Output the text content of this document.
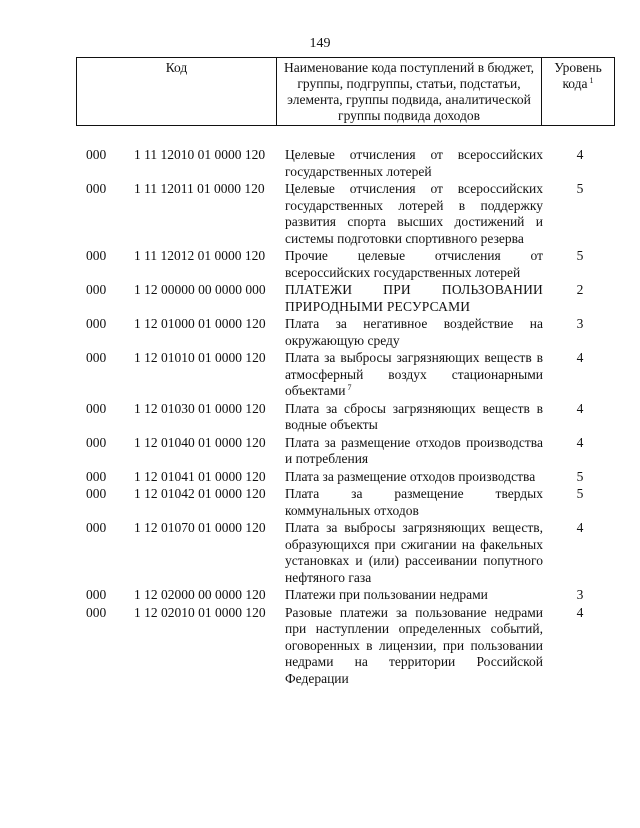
149
Код	Наименование кода поступлений в бюджет, группы, подгруппы, статьи, подстатьи, элемента, группы подвида, аналитической группы подвида доходов	Уровень кода $^1$
000	1 11 12010 01 0000 120	Целевые отчисления от всероссийских государственных лотерей	4
000	1 11 12011 01 0000 120	Целевые отчисления от всероссийских государственных лотерей в поддержку развития спорта высших достижений и системы подготовки спортивного резерва	5
000	1 11 12012 01 0000 120	Прочие целевые отчисления от всероссийских государственных лотерей	5
000	1 12 00000 00 0000 000	ПЛАТЕЖИ ПРИ ПОЛЬЗОВАНИИ ПРИРОДНЫМИ РЕСУРСАМИ	2
000	1 12 01000 01 0000 120	Плата за негативное воздействие на окружающую среду	3
000	1 12 01010 01 0000 120	Плата за выбросы загрязняющих веществ в атмосферный воздух стационарными объектами $^7$	4
000	1 12 01030 01 0000 120	Плата за сбросы загрязняющих веществ в водные объекты	4
000	1 12 01040 01 0000 120	Плата за размещение отходов производства и потребления	4
000	1 12 01041 01 0000 120	Плата за размещение отходов производства	5
000	1 12 01042 01 0000 120	Плата за размещение твердых коммунальных отходов	5
000	1 12 01070 01 0000 120	Плата за выбросы загрязняющих веществ, образующихся при сжигании на факельных установках и (или) рассеивании попутного нефтяного газа	4
000	1 12 02000 00 0000 120	Платежи при пользовании недрами	3
000	1 12 02010 01 0000 120	Разовые платежи за пользование недрами при наступлении определенных событий, оговоренных в лицензии, при пользовании недрами на территории Российской Федерации	4
